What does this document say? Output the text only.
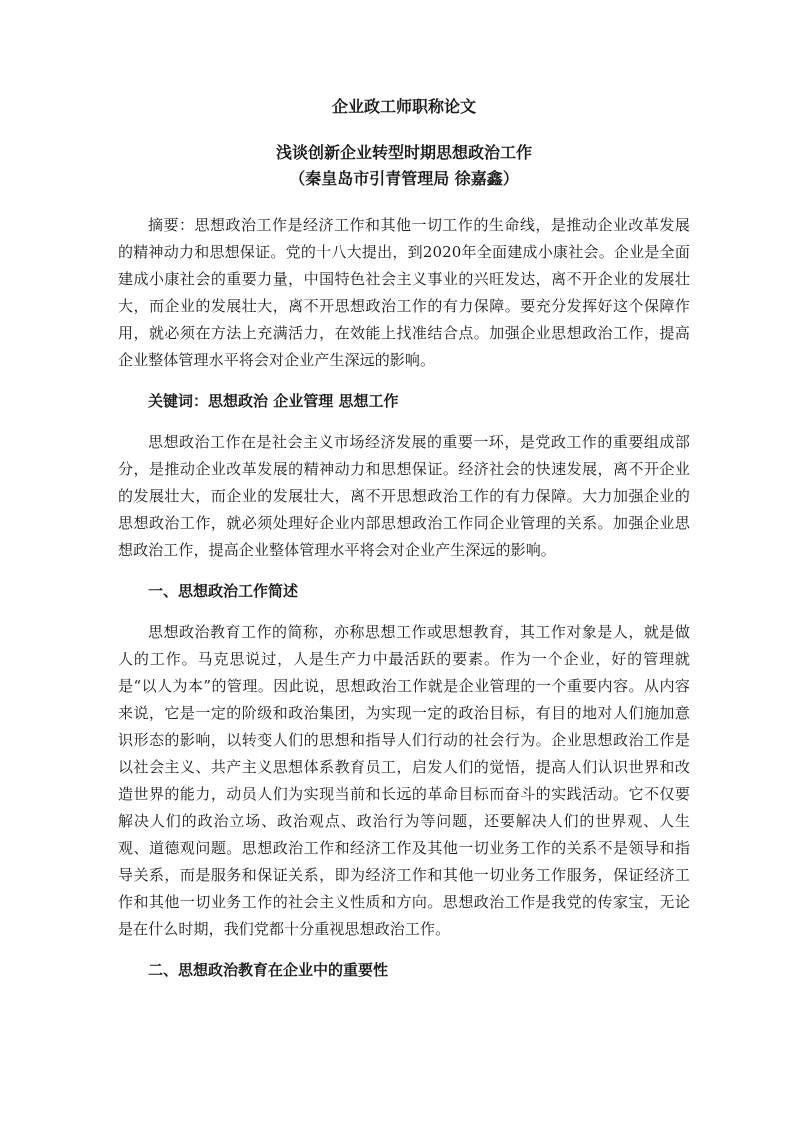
企业政工师职称论文
浅谈创新企业转型时期思想政治工作
（秦皇岛市引青管理局 徐嘉鑫）

摘要：思想政治工作是经济工作和其他一切工作的生命线，是推动企业改革发展的精神动力和思想保证。党的十八大提出，到2020年全面建成小康社会。企业是全面建成小康社会的重要力量，中国特色社会主义事业的兴旺发达，离不开企业的发展壮大，而企业的发展壮大，离不开思想政治工作的有力保障。要充分发挥好这个保障作用，就必须在方法上充满活力，在效能上找准结合点。加强企业思想政治工作，提高企业整体管理水平将会对企业产生深远的影响。

关键词：思想政治 企业管理 思想工作

思想政治工作在是社会主义市场经济发展的重要一环，是党政工作的重要组成部分，是推动企业改革发展的精神动力和思想保证。经济社会的快速发展，离不开企业的发展壮大，而企业的发展壮大，离不开思想政治工作的有力保障。大力加强企业的思想政治工作，就必须处理好企业内部思想政治工作同企业管理的关系。加强企业思想政治工作，提高企业整体管理水平将会对企业产生深远的影响。

一、思想政治工作简述

思想政治教育工作的简称，亦称思想工作或思想教育，其工作对象是人，就是做人的工作。马克思说过，人是生产力中最活跃的要素。作为一个企业，好的管理就是“以人为本”的管理。因此说，思想政治工作就是企业管理的一个重要内容。从内容来说，它是一定的阶级和政治集团，为实现一定的政治目标，有目的地对人们施加意识形态的影响，以转变人们的思想和指导人们行动的社会行为。企业思想政治工作是以社会主义、共产主义思想体系教育员工，启发人们的觉悟，提高人们认识世界和改造世界的能力，动员人们为实现当前和长远的革命目标而奋斗的实践活动。它不仅要解决人们的政治立场、政治观点、政治行为等问题，还要解决人们的世界观、人生观、道德观问题。思想政治工作和经济工作及其他一切业务工作的关系不是领导和指导关系，而是服务和保证关系，即为经济工作和其他一切业务工作服务，保证经济工作和其他一切业务工作的社会主义性质和方向。思想政治工作是我党的传家宝，无论是在什么时期，我们党都十分重视思想政治工作。

二、思想政治教育在企业中的重要性
